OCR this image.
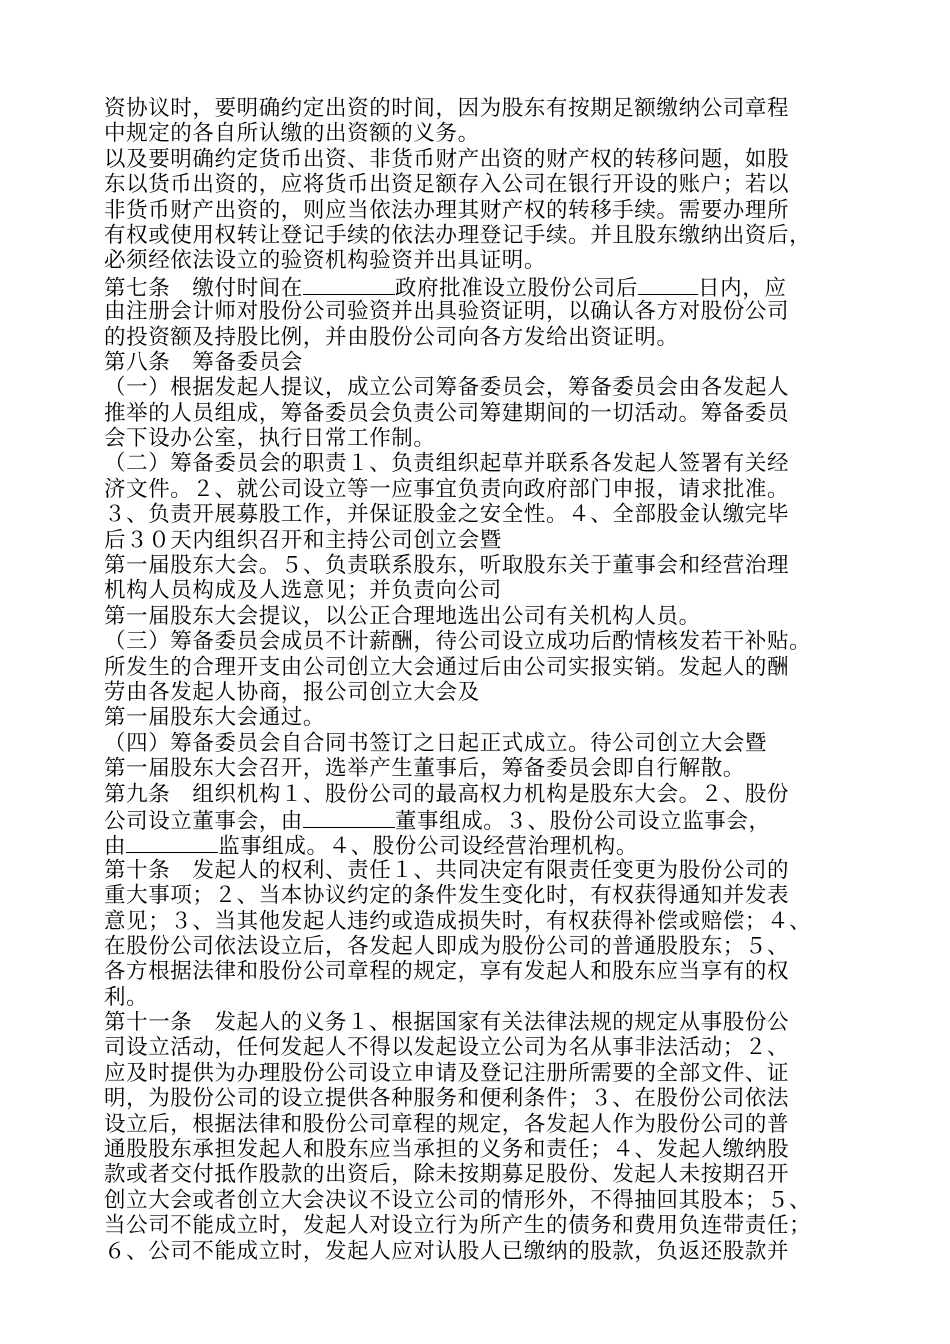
资协议时，要明确约定出资的时间，因为股东有按期足额缴纳公司章程
中规定的各自所认缴的出资额的义务。
以及要明确约定货币出资、非货币财产出资的财产权的转移问题，如股
东以货币出资的，应将货币出资足额存入公司在银行开设的账户；若以
非货币财产出资的，则应当依法办理其财产权的转移手续。需要办理所
有权或使用权转让登记手续的依法办理登记手续。并且股东缴纳出资后，
必须经依法设立的验资机构验资并出具证明。
第七条　缴付时间在	政府批准设立股份公司后	日内，应
由注册会计师对股份公司验资并出具验资证明，以确认各方对股份公司
的投资额及持股比例，并由股份公司向各方发给出资证明。
第八条　筹备委员会
（一）根据发起人提议，成立公司筹备委员会，筹备委员会由各发起人
推举的人员组成，筹备委员会负责公司筹建期间的一切活动。筹备委员
会下设办公室，执行日常工作制。
（二）筹备委员会的职责１、负责组织起草并联系各发起人签署有关经
济文件。２、就公司设立等一应事宜负责向政府部门申报，请求批准。
３、负责开展募股工作，并保证股金之安全性。４、全部股金认缴完毕
后３０天内组织召开和主持公司创立会暨
第一届股东大会。５、负责联系股东，听取股东关于董事会和经营治理
机构人员构成及人选意见；并负责向公司
第一届股东大会提议，以公正合理地选出公司有关机构人员。
（三）筹备委员会成员不计薪酬，待公司设立成功后酌情核发若干补贴。
所发生的合理开支由公司创立大会通过后由公司实报实销。发起人的酬
劳由各发起人协商，报公司创立大会及
第一届股东大会通过。
（四）筹备委员会自合同书签订之日起正式成立。待公司创立大会暨
第一届股东大会召开，选举产生董事后，筹备委员会即自行解散。
第九条　组织机构１、股份公司的最高权力机构是股东大会。２、股份
公司设立董事会，由	董事组成。３、股份公司设立监事会，
由	监事组成。４、股份公司设经营治理机构。
第十条　发起人的权利、责任１、共同决定有限责任变更为股份公司的
重大事项；２、当本协议约定的条件发生变化时，有权获得通知并发表
意见；３、当其他发起人违约或造成损失时，有权获得补偿或赔偿；４、
在股份公司依法设立后，各发起人即成为股份公司的普通股股东；５、
各方根据法律和股份公司章程的规定，享有发起人和股东应当享有的权
利。
第十一条　发起人的义务１、根据国家有关法律法规的规定从事股份公
司设立活动，任何发起人不得以发起设立公司为名从事非法活动；２、
应及时提供为办理股份公司设立申请及登记注册所需要的全部文件、证
明，为股份公司的设立提供各种服务和便利条件；３、在股份公司依法
设立后，根据法律和股份公司章程的规定，各发起人作为股份公司的普
通股股东承担发起人和股东应当承担的义务和责任；４、发起人缴纳股
款或者交付抵作股款的出资后，除未按期募足股份、发起人未按期召开
创立大会或者创立大会决议不设立公司的情形外，不得抽回其股本；５、
当公司不能成立时，发起人对设立行为所产生的债务和费用负连带责任；
６、公司不能成立时，发起人应对认股人已缴纳的股款，负返还股款并
